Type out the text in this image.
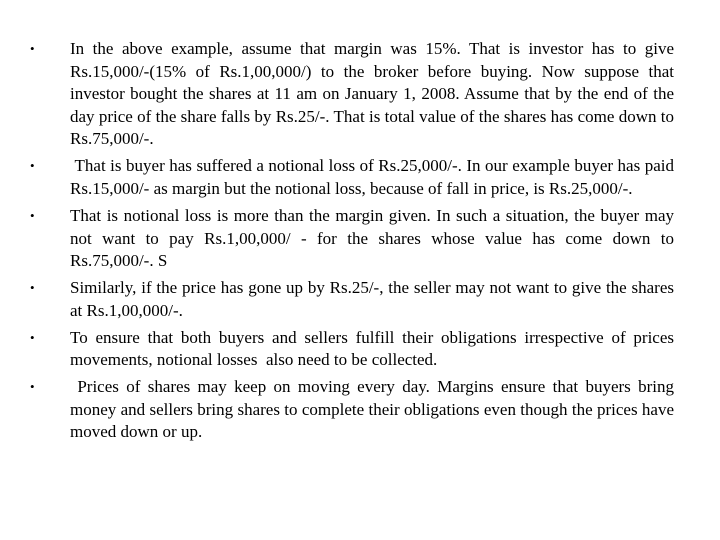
• In the above example, assume that margin was 15%. That is investor has to give Rs.15,000/-(15% of Rs.1,00,000/) to the broker before buying. Now suppose that investor bought the shares at 11 am on January 1, 2008. Assume that by the end of the day price of the share falls by Rs.25/-. That is total value of the shares has come down to Rs.75,000/-.
• That is buyer has suffered a notional loss of Rs.25,000/-. In our example buyer has paid Rs.15,000/- as margin but the notional loss, because of fall in price, is Rs.25,000/-.
• That is notional loss is more than the margin given. In such a situation, the buyer may not want to pay Rs.1,00,000/ - for the shares whose value has come down to Rs.75,000/-. S
• Similarly, if the price has gone up by Rs.25/-, the seller may not want to give the shares at Rs.1,00,000/-.
• To ensure that both buyers and sellers fulfill their obligations irrespective of prices movements, notional losses  also need to be collected.
• Prices of shares may keep on moving every day. Margins ensure that buyers bring money and sellers bring shares to complete their obligations even though the prices have moved down or up.
